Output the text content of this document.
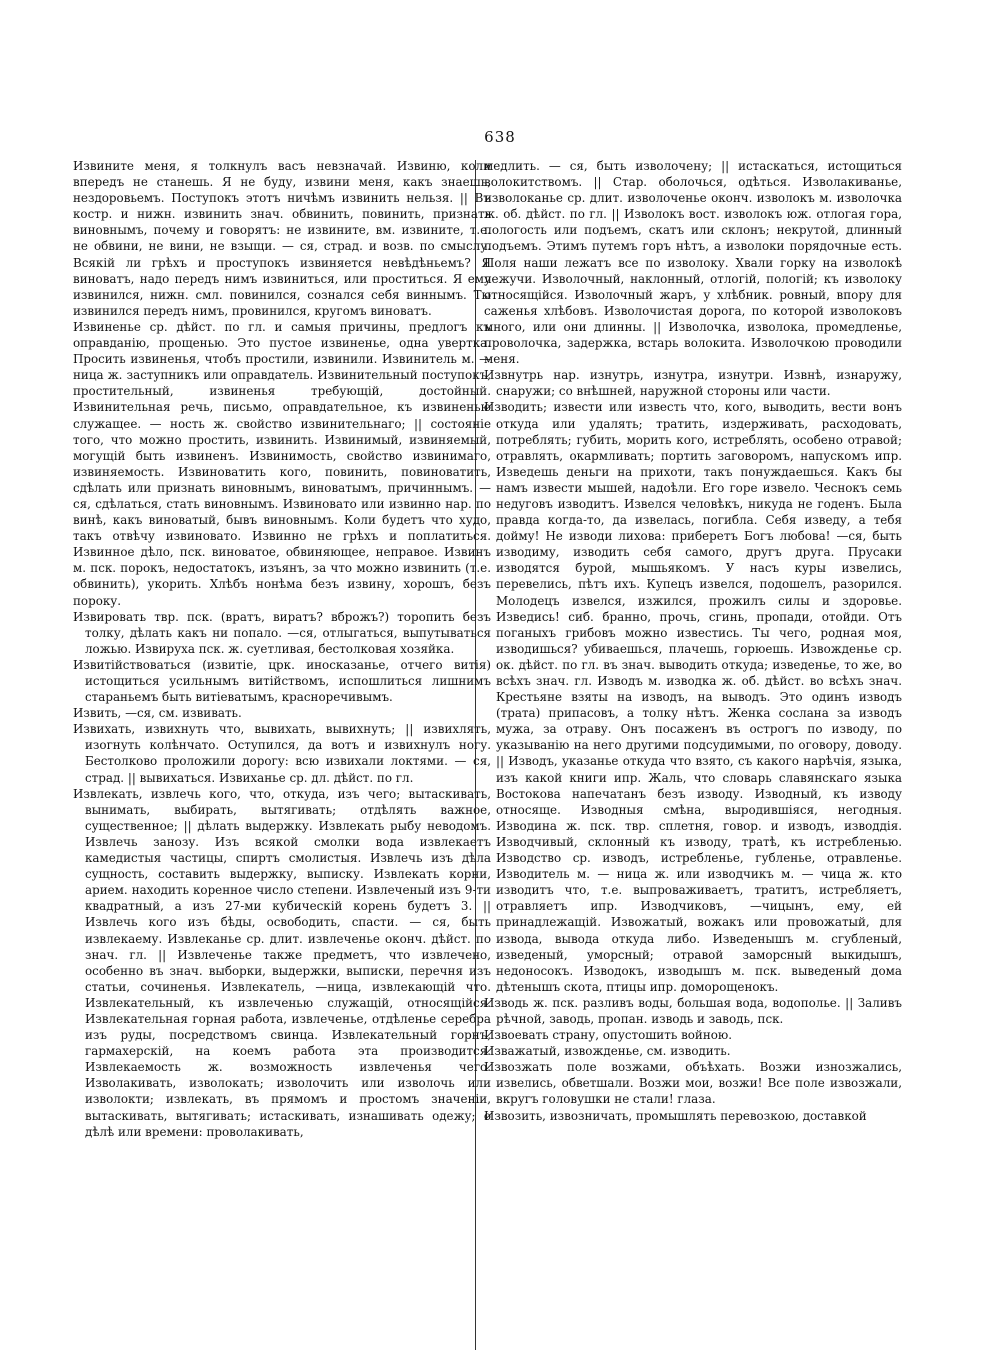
638

Извините меня, я толкнулъ васъ невзначай. Извиню, коли впередъ не станешь. Я не буду, извини меня, какъ знаешь, нездоровьемъ. Поступокъ этотъ ничѣмъ извинить нельзя. || Въ костр. и нижн. извинить знач. обвинить, повинить, признать виновнымъ, почему и говорятъ: не извините, вм. извините, т.е. не обвини, не вини, не взыщи. — ся, страд. и возв. по смыслу. Всякій ли грѣхъ и проступокъ извиняется невѣдѣньемъ? Я виноватъ, надо передъ нимъ извиниться, или проститься. Я ему извинился, нижн. смл. повинился, сознался себя виннымъ. Ты извинился передъ нимъ, провинился, кругомъ виноватъ.

Извиненье ср. дѣйст. по гл. и самыя причины, предлогъ къ оправданію, прощенью. Это пустое извиненье, одна увертка. Просить извиненья, чтобъ простили, извинили. Извинитель м. —ница ж. заступникъ или оправдатель. Извинительный поступокъ, простительный, извиненья требующій, достойный. Извинительная речь, письмо, оправдательное, къ извиненью служащее. — ность ж. свойство извинительнаго; || состояніе того, что можно простить, извинить. Извинимый, извиняемый, могущій быть извиненъ. Извинимость, свойство извинимаго, извиняемость. Извиноватить кого, повинить, повиноватить, сдѣлать или признать виновнымъ, виноватымъ, причиннымъ. —ся, сдѣлаться, стать виновнымъ. Извиновато или извинно нар. по винѣ, какъ виноватый, бывъ виновнымъ. Коли будетъ что худо, такъ отвѣчу извиновато. Извинно не грѣхъ и поплатиться. Извинное дѣло, пск. виноватое, обвиняющее, неправое. Извинъ м. пск. порокъ, недостатокъ, изъянъ, за что можно извинить (т.е. обвинить), укорить. Хлѣбъ нонѣма безъ извину, хорошъ, безъ пороку.

Извировать твр. пск. (вратъ, виратъ? вброжъ?) торопить безъ толку, дѣлать какъ ни попало. —ся, отлыгаться, выпутываться ложью. Извируха пск. ж. суетливая, бестолковая хозяйка.

Извитійствоваться (извитіе, црк. иносказанье, отчего витія) истощиться усильнымъ витійствомъ, испошлиться лишнимъ стараньемъ быть витіеватымъ, красноречивымъ.

Извить, —ся, см. извивать.

Извихать, извихнуть что, вывихать, вывихнуть; || извихлять, изогнуть колѣнчато. Оступился, да вотъ и извихнулъ ногу. Бестолково проложили дорогу: всю извихали локтями. — ся, страд. || вывихаться. Извиханье ср. дл. дѣйст. по гл.

Извлекать, извлечь кого, что, откуда, изъ чего; вытаскивать, вынимать, выбирать, вытягивать; отдѣлять важное, существенное; || дѣлать выдержку. Извлекать рыбу неводомъ. Извлечь занозу. Изъ всякой смолки вода извлекаетъ камедистыя частицы, спиртъ смолистыя. Извлечь изъ дѣла сущность, составить выдержку, выписку. Извлекать корни, арием. находить коренное число степени. Извлеченый изъ 9-ти квадратный, а изъ 27-ми кубическій корень будетъ 3. || Извлечь кого изъ бѣды, освободить, спасти. — ся, быть извлекаему. Извлеканье ср. длит. извлеченье оконч. дѣйст. по знач. гл. || Извлеченье также предметъ, что извлечено, особенно въ знач. выборки, выдержки, выписки, перечня изъ статьи, сочиненья. Извлекатель, —ница, извлекающій что. Извлекательный, къ извлеченью служащій, относящійся. Извлекательная горная работа, извлеченье, отдѣленье серебра изъ руды, посредствомъ свинца. Извлекательный горнъ, гармахерскій, на коемъ работа эта производится. Извлекаемость ж. возможность извлеченья чего. Изволакивать, изволокать; изволочить или изволочь или изволокти; извлекать, въ прямомъ и простомъ значеніи, вытаскивать, вытягивать; истаскивать, изнашивать одежу; о дѣлѣ или времени: проволакивать,

медлить. — ся, быть изволочену; || истаскаться, истощиться волокитствомъ. || Стар. оболочься, одѣться. Изволакиванье, изволоканье ср. длит. изволоченье оконч. изволокъ м. изволочка ж. об. дѣйст. по гл. || Изволокъ вост. изволокъ юж. отлогая гора, пологость или подъемъ, скатъ или склонъ; некрутой, длинный подъемъ. Этимъ путемъ горъ нѣтъ, а изволоки порядочные есть. Поля наши лежатъ все по изволоку. Хвали горку на изволокѣ лежучи. Изволочный, наклонный, отлогій, пологій; къ изволоку относящійся. Изволочный жаръ, у хлѣбник. ровный, впору для саженья хлѣбовъ. Изволочистая дорога, по которой изволоковъ много, или они длинны. || Изволочка, изволока, промедленье, проволочка, задержка, встарь волокита. Изволочкою проводили меня.

Извнутрь нар. изнутрь, изнутра, изнутри. Извнѣ, изнаружу, снаружи; со внѣшней, наружной стороны или части.

Изводить; извести или известь что, кого, выводить, вести вонъ откуда или удалять; тратить, издерживать, расходовать, потреблять; губить, морить кого, истреблять, особено отравой; отравлять, окармливать; портить заговоромъ, напускомъ ипр. Изведешь деньги на прихоти, такъ понуждаешься. Какъ бы намъ извести мышей, надоѣли. Его горе извело. Чеснокъ семь недуговъ изводитъ. Извелся человѣкъ, никуда не годенъ. Была правда когда-то, да извелась, погибла. Себя изведу, а тебя дойму! Не изводи лихова: приберетъ Богъ любова! —ся, быть изводиму, изводить себя самого, другъ друга. Прусаки изводятся бурой, мышьякомъ. У насъ куры извелись, перевелись, пѣтъ ихъ. Купецъ извелся, подошелъ, разорился. Молодецъ извелся, изжился, прожилъ силы и здоровье. Изведись! сиб. бранно, прочь, сгинь, пропади, отойди. Отъ поганыхъ грибовъ можно известись. Ты чего, родная моя, изводишься? убиваешься, плачешь, горюешь. Извожденье ср. ок. дѣйст. по гл. въ знач. выводить откуда; изведенье, то же, во всѣхъ знач. гл. Изводъ м. изводка ж. об. дѣйст. во всѣхъ знач. Крестьяне взяты на изводъ, на выводъ. Это одинъ изводъ (трата) припасовъ, а толку нѣтъ. Женка сослана за изводъ мужа, за отраву. Онъ посаженъ въ острогъ по изводу, по указыванію на него другими подсудимыми, по оговору, доводу. || Изводъ, указанье откуда что взято, съ какого нарѣчія, языка, изъ какой книги ипр. Жаль, что словарь славянскаго языка Востокова напечатанъ безъ изводу. Изводный, къ изводу относяще. Изводныя смѣна, выродившіяся, негодныя. Изводина ж. пск. твр. сплетня, говор. и изводъ, изводдія. Изводчивый, склонный къ изводу, тратѣ, къ истребленью. Изводство ср. изводъ, истребленье, губленье, отравленье. Изводитель м. — ница ж. или изводчикъ м. — чица ж. кто изводитъ что, т.е. выпроваживаетъ, тратитъ, истребляетъ, отравляетъ ипр. Изводчиковъ, —чицынъ, ему, ей принадлежащій. Извожатый, вожакъ или провожатый, для извода, вывода откуда либо. Изведенышъ м. сгубленый, изведеный, уморсный; отравой заморсный выкидышъ, недоносокъ. Изводокъ, изводышъ м. пск. выведеный дома дѣтенышъ скота, птицы ипр. доморощенокъ.

Изводь ж. пск. разливъ воды, большая вода, водополье. || Заливъ рѣчной, заводь, пропан. изводь и заводь, пск.

Извоевать страну, опустошить войною.

Изважатый, извожденье, см. изводить.

Извозжать поле возжами, объѣхать. Возжи изнозжались, извелись, обветшали. Возжи мои, возжи! Все поле извозжали, вкругъ головушки не стали! глаза.

Извозить, извозничать, промышлять перевозкою, доставкой
